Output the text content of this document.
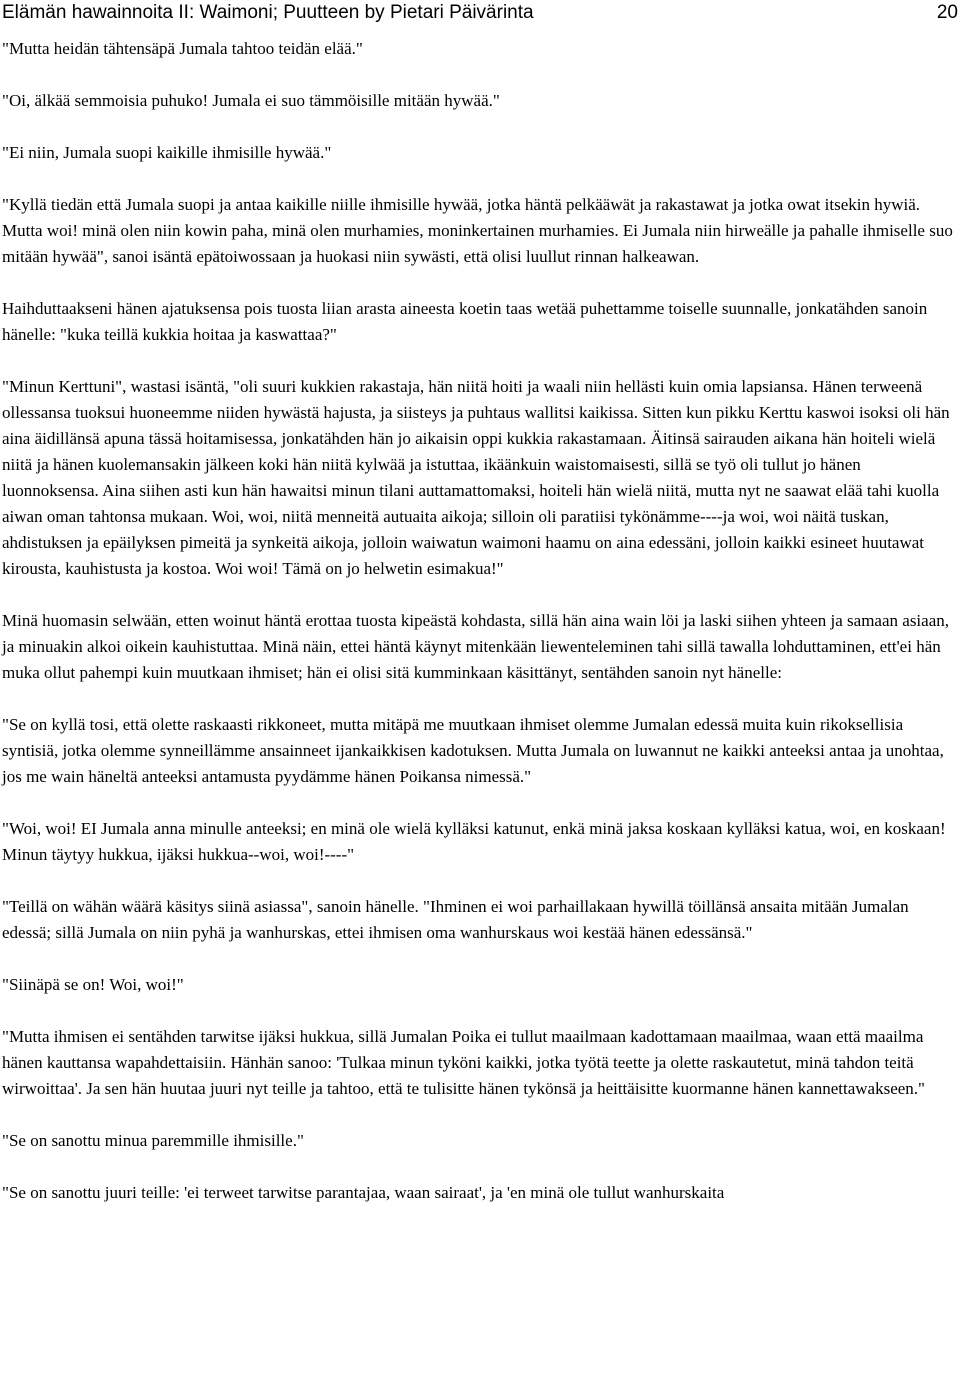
Elämän hawainnoita II: Waimoni; Puutteen by Pietari Päivärinta	20

"Mutta heidän tähtensäpä Jumala tahtoo teidän elää."

"Oi, älkää semmoisia puhuko! Jumala ei suo tämmöisille mitään hywää."

"Ei niin, Jumala suopi kaikille ihmisille hywää."

"Kyllä tiedän että Jumala suopi ja antaa kaikille niille ihmisille hywää, jotka häntä pelkääwät ja rakastawat ja jotka owat itsekin hywiä. Mutta woi! minä olen niin kowin paha, minä olen murhamies, moninkertainen murhamies. Ei Jumala niin hirweälle ja pahalle ihmiselle suo mitään hywää", sanoi isäntä epätoiwossaan ja huokasi niin sywästi, että olisi luullut rinnan halkeawan.

Haihduttaakseni hänen ajatuksensa pois tuosta liian arasta aineesta koetin taas wetää puhettamme toiselle suunnalle, jonkatähden sanoin hänelle: "kuka teillä kukkia hoitaa ja kaswattaa?"

"Minun Kerttuni", wastasi isäntä, "oli suuri kukkien rakastaja, hän niitä hoiti ja waali niin hellästi kuin omia lapsiansa. Hänen terweenä ollessansa tuoksui huoneemme niiden hywästä hajusta, ja siisteys ja puhtaus wallitsi kaikissa. Sitten kun pikku Kerttu kaswoi isoksi oli hän aina äidillänsä apuna tässä hoitamisessa, jonkatähden hän jo aikaisin oppi kukkia rakastamaan. Äitinsä sairauden aikana hän hoiteli wielä niitä ja hänen kuolemansakin jälkeen koki hän niitä kylwää ja istuttaa, ikäänkuin waistomaisesti, sillä se työ oli tullut jo hänen luonnoksensa. Aina siihen asti kun hän hawaitsi minun tilani auttamattomaksi, hoiteli hän wielä niitä, mutta nyt ne saawat elää tahi kuolla aiwan oman tahtonsa mukaan. Woi, woi, niitä menneitä autuaita aikoja; silloin oli paratiisi tykönämme----ja woi, woi näitä tuskan, ahdistuksen ja epäilyksen pimeitä ja synkeitä aikoja, jolloin waiwatun waimoni haamu on aina edessäni, jolloin kaikki esineet huutawat kirousta, kauhistusta ja kostoa. Woi woi! Tämä on jo helwetin esimakua!"

Minä huomasin selwään, etten woinut häntä erottaa tuosta kipeästä kohdasta, sillä hän aina wain löi ja laski siihen yhteen ja samaan asiaan, ja minuakin alkoi oikein kauhistuttaa. Minä näin, ettei häntä käynyt mitenkään liewenteleminen tahi sillä tawalla lohduttaminen, ett'ei hän muka ollut pahempi kuin muutkaan ihmiset; hän ei olisi sitä kumminkaan käsittänyt, sentähden sanoin nyt hänelle:

"Se on kyllä tosi, että olette raskaasti rikkoneet, mutta mitäpä me muutkaan ihmiset olemme Jumalan edessä muita kuin rikoksellisia syntisiä, jotka olemme synneillämme ansainneet ijankaikkisen kadotuksen. Mutta Jumala on luwannut ne kaikki anteeksi antaa ja unohtaa, jos me wain häneltä anteeksi antamusta pyydämme hänen Poikansa nimessä."

"Woi, woi! EI Jumala anna minulle anteeksi; en minä ole wielä kylläksi katunut, enkä minä jaksa koskaan kylläksi katua, woi, en koskaan! Minun täytyy hukkua, ijäksi hukkua--woi, woi!----"

"Teillä on wähän wäärä käsitys siinä asiassa", sanoin hänelle. "Ihminen ei woi parhaillakaan hywillä töillänsä ansaita mitään Jumalan edessä; sillä Jumala on niin pyhä ja wanhurskas, ettei ihmisen oma wanhurskaus woi kestää hänen edessänsä."

"Siinäpä se on! Woi, woi!"

"Mutta ihmisen ei sentähden tarwitse ijäksi hukkua, sillä Jumalan Poika ei tullut maailmaan kadottamaan maailmaa, waan että maailma hänen kauttansa wapahdettaisiin. Hänhän sanoo: 'Tulkaa minun tyköni kaikki, jotka työtä teette ja olette raskautetut, minä tahdon teitä wirwoittaa'. Ja sen hän huutaa juuri nyt teille ja tahtoo, että te tulisitte hänen tykönsä ja heittäisitte kuormanne hänen kannettawakseen."

"Se on sanottu minua paremmille ihmisille."

"Se on sanottu juuri teille: 'ei terweet tarwitse parantajaa, waan sairaat', ja 'en minä ole tullut wanhurskaita
